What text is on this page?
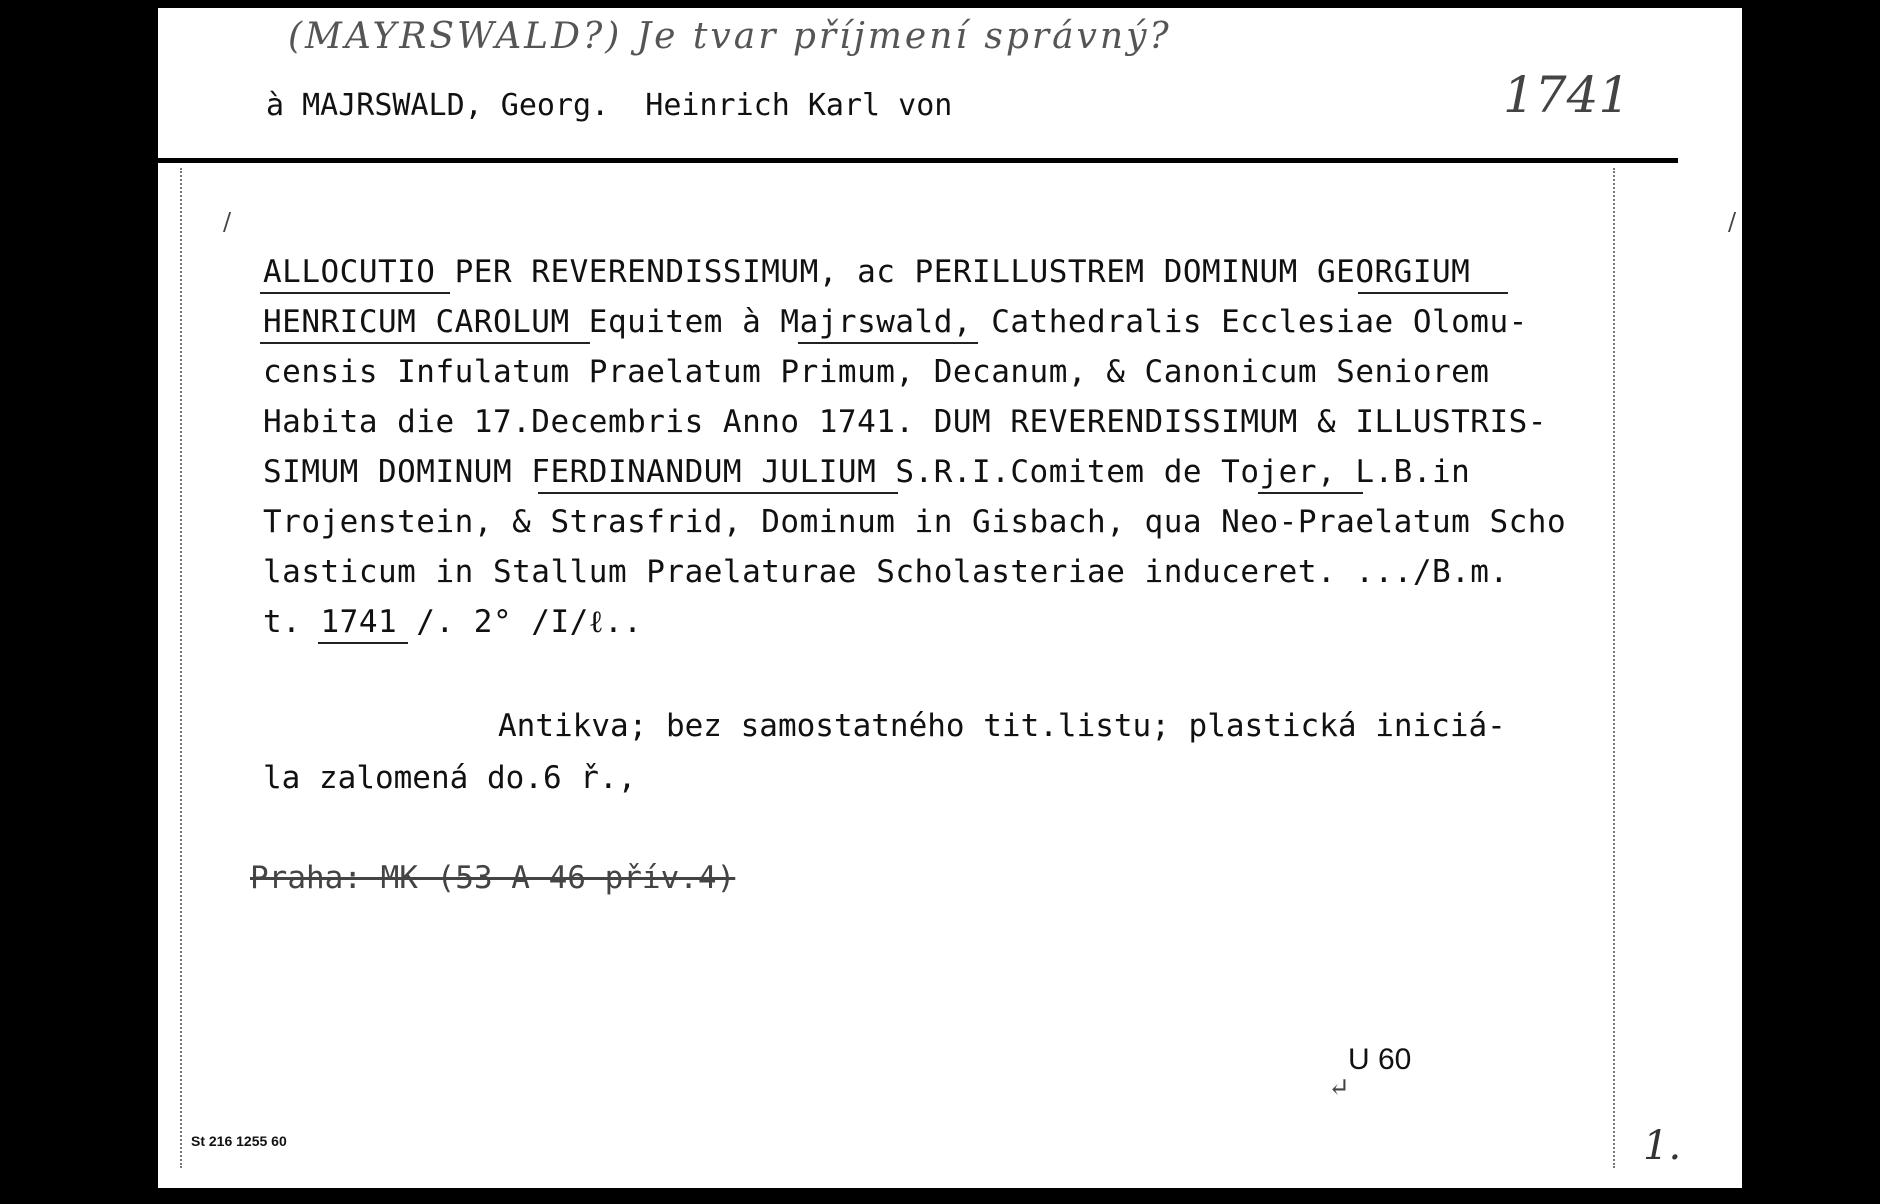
(MAYRSWALD?) Je tvar příjmení správný?
à MAJRSWALD, Georg.  Heinrich Karl von	1741
/	/
ALLOCUTIO PER REVERENDISSIMUM, ac PERILLUSTREM DOMINUM GEORGIUM
HENRICUM CAROLUM Equitem à Majrswald, Cathedralis Ecclesiae Olomu-
censis Infulatum Praelatum Primum, Decanum, & Canonicum Seniorem
Habita die 17.Decembris Anno 1741. DUM REVERENDISSIMUM & ILLUSTRIS-
SIMUM DOMINUM FERDINANDUM JULIUM S.R.I.Comitem de Tojer, L.B.in
Trojenstein, & Strasfrid, Dominum in Gisbach, qua Neo-Praelatum Scho
lasticum in Stallum Praelaturae Scholasteriae induceret. .../B.m.
t. 1741 /. 2° /I/ℓ..
Antikva; bez samostatného tit.listu; plastická iniciá-
la zalomená do.6 ř.,
Praha: MK (53 A 46 přív.4)
U 60
↵
St 216 1255 60	1.
